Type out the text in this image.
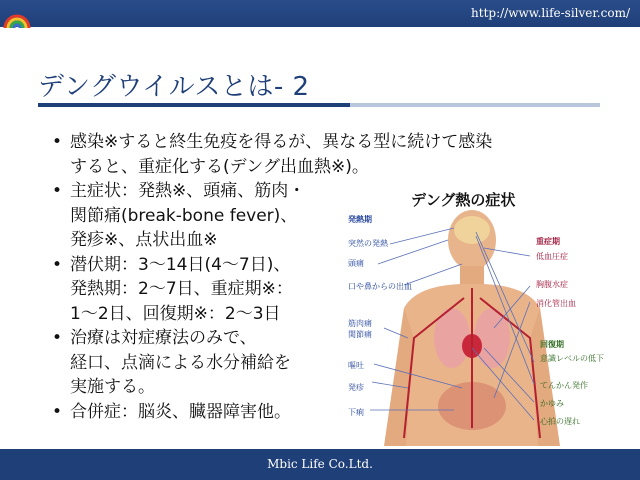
http://www.life-silver.com/
デングウイルスとは- 2
• 感染※すると終生免疫を得るが、異なる型に続けて感染
すると、重症化する(デング出血熱※)。
• 主症状：発熱※、頭痛、筋肉・
関節痛(break-bone fever)、
発疹※、点状出血※
• 潜伏期：3～14日(4～7日)、
発熱期：2～7日、重症期※：
1～2日、回復期※：2～3日
• 治療は対症療法のみで、
経口、点滴による水分補給を
実施する。
• 合併症：脳炎、臓器障害他。
デング熱の症状
発熱期
突然の発熱
頭痛
口や鼻からの出血
筋肉痛
関節痛
嘔吐
発疹
下痢
重症期
低血圧症
胸腹水症
消化管出血
回復期
意識レベルの低下
てんかん発作
かゆみ
心拍の遅れ
Mbic Life Co.Ltd.
